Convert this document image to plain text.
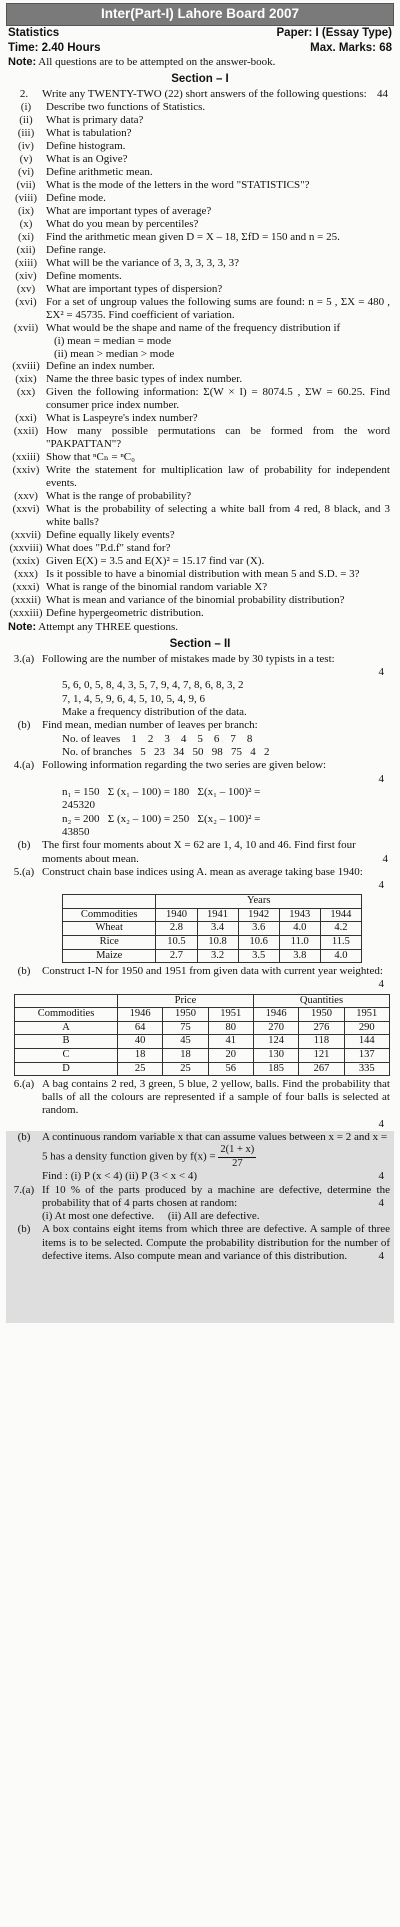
Inter(Part-I) Lahore Board 2007
Statistics	Paper: I (Essay Type)
Time: 2.40 Hours	Max. Marks: 68
Note: All questions are to be attempted on the answer-book.
Section – I
2.	Write any TWENTY-TWO (22) short answers of the following questions: 44
(i)	Describe two functions of Statistics.
(ii)	What is primary data?
(iii)	What is tabulation?
(iv)	Define histogram.
(v)	What is an Ogive?
(vi)	Define arithmetic mean.
(vii) What is the mode of the letters in the word "STATISTICS"?
(viii) Define mode.
(ix)	What are important types of average?
(x)	What do you mean by percentiles?
(xi)	Find the arithmetic mean given D = X – 18, ΣfD = 150 and n = 25.
(xii) Define range.
(xiii) What will be the variance of 3, 3, 3, 3, 3, 3?
(xiv) Define moments.
(xv) What are important types of dispersion?
(xvi) For a set of ungroup values the following sums are found: n = 5 , ΣX = 480 , ΣX² = 45735. Find coefficient of variation.
(xvii) What would be the shape and name of the frequency distribution if
(i) mean = median = mode
(ii) mean > median > mode
(xviii) Define an index number.
(xix) Name the three basic types of index number.
(xx) Given the following information: Σ(W × I) = 8074.5 , ΣW = 60.25. Find consumer price index number.
(xxi) What is Laspeyre's index number?
(xxii) How many possible permutations can be formed from the word "PAKPATTAN"?
(xxiii) Show that ⁿCₙ = ⁿC₀
(xxiv) Write the statement for multiplication law of probability for independent events.
(xxv) What is the range of probability?
(xxvi) What is the probability of selecting a white ball from 4 red, 8 black, and 3 white balls?
(xxvii) Define equally likely events?
(xxviii) What does "P.d.f" stand for?
(xxix) Given E(X) = 3.5 and E(X)² = 15.17 find var (X).
(xxx) Is it possible to have a binomial distribution with mean 5 and S.D. = 3?
(xxxi) What is range of the binomial random variable X?
(xxxii) What is mean and variance of the binomial probability distribution?
(xxxiii) Define hypergeometric distribution.
Note: Attempt any THREE questions.
Section – II
3.(a) Following are the number of mistakes made by 30 typists in a test:
4
5, 6, 0, 5, 8, 4, 3, 5, 7, 9, 4, 7, 8, 6, 8, 3, 2
7, 1, 4, 5, 9, 6, 4, 5, 10, 5, 4, 9, 6
Make a frequency distribution of the data.
(b)	Find mean, median number of leaves per branch:
No. of leaves    1    2    3    4    5    6    7    8
No. of branches   5   23   34   50   98   75   4   2
4.(a) Following information regarding the two series are given below:
4
n₁ = 150   Σ (x₁ – 100) = 180   Σ(x₁ – 100)² =
245320
n₂ = 200   Σ (x₂ – 100) = 250   Σ(x₂ – 100)² =
43850
(b)	The first four moments about X = 62 are 1, 4, 10 and 46. Find first four moments about mean.	4
5.(a) Construct chain base indices using A. mean as average taking base 1940:
4
	Years				
Commodities	1940	1941	1942	1943	1944
Wheat	2.8	3.4	3.6	4.0	4.2
Rice	10.5	10.8	10.6	11.0	11.5
Maize	2.7	3.2	3.5	3.8	4.0
(b)	Construct I-N for 1950 and 1951 from given data with current year weighted:
4
	Price			Quantities		
Commodities	1946	1950	1951	1946	1950	1951
A	64	75	80	270	276	290
B	40	45	41	124	118	144
C	18	18	20	130	121	137
D	25	25	56	185	267	335
6.(a) A bag contains 2 red, 3 green, 5 blue, 2 yellow, balls. Find the probability that balls of all the colours are represented if a sample of four balls is selected at random.
4
(b)	A continuous random variable x that can assume values between x = 2 and x = 5 has a density function given by $f(x) = \frac{2(1 + x)}{27}$
Find : (i) P (x < 4) (ii) P (3 < x < 4)	4
7.(a) If 10 % of the parts produced by a machine are defective, determine the probability that of 4 parts chosen at random:	4
(i) At most one defective.     (ii) All are defective.
(b)	A box contains eight items from which three are defective. A sample of three items is to be selected. Compute the probability distribution for the number of defective items. Also compute mean and variance of this distribution.	4
